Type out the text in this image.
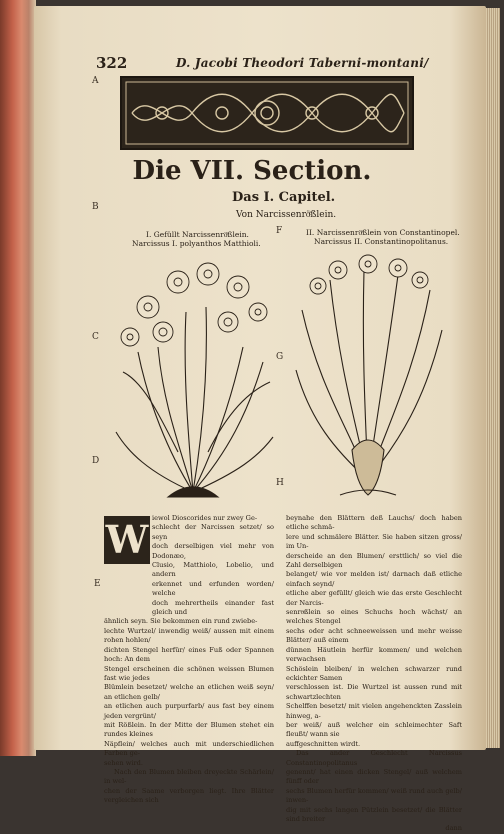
322	D. Jacobi Theodori Taberni-montani/
A
B
C
D
E
F
G
H
Die VII. Section.
Das I. Capitel.
Von Narcissenröͤßlein.
I. Gefüllt Narcissenröͤßlein.
Narcissus I. polyanthos Matthioli.
II. Narcissenröͤßlein von Constantinopel.
Narcissus II. Constantinopolitanus.
W iewol Dioscorides nur zwey Ge-

schlecht der Narcissen setzet/ so seyn

doch derselbigen viel mehr von Dodonæo,

Clusio, Matthiolo, Lobelio, und andern

erkennet und erfunden worden/ welche

doch mehrertheils einander fast gleich und

ähnlich seyn. Sie bekommen ein rund zwiebe-

lechte Wurtzel/ inwendig weiß/ aussen mit einem rohen hohlen/

dichten Stengel herfür/ eines Fuß oder Spannen hoch: An dem

Stengel erscheinen die schönen weissen Blumen fast wie jedes

Blümlein besetzet/ welche an etlichen weiß seyn/ an etlichen gelb/

an etlichen auch purpurfarb/ aus fast bey einem jeden vergrünt/

mit Rößlein. In der Mitte der Blumen stehet ein rundes kleines

Näpflein/ welches auch mit underschiedlichen Farben ge-

sehen wird.

Nach den Blumen bleiben dreyeckte Schärlein/ in wel-

chen der Saame verborgen liegt. Ihre Blätter vergleichen sich

beynahe den Blättern deß Lauchs/ doch haben etliche schmä-

lere und schmälere Blätter. Sie haben sitzen gross/ im Un-

derscheide an den Blumen/ ersttlich/ so viel die Zahl derselbigen

belanget/ wie vor melden ist/ darnach daß etliche einfach seynd/

etliche aber gefüllt/ gleich wie das erste Geschlecht der Narcis-

senröͤßlein so eines Schuchs hoch wächst/ an welches Stengel

sechs oder acht schneeweissen und mehr weisse Blätter/ auß einem

dünnen Häutlein herfür kommen/ und welchen verwachsen

Schöslein bleiben/ in welchen schwarzer rund eckichter Samen

verschlossen ist. Die Wurtzel ist aussen rund mit schwartzlechten

Schelffen besetzt/ mit vielen angehenckten Zasslein hinweg, a-

ber weiß/ auß welcher ein schleimechter Saft fleußt/ wann sie

auffgeschnitten wirdt.

Das ander Geschlecht Narcissus Constantinopolitanus

genennt/ hat einen dicken Stengel/ auß welchem fünff oder

sechs Blumen herfür kommen/ weiß rund auch gelb/ inwen-

dig mit sechs langen Pützlein besetzet/ die Blätter sind breiter

dann
